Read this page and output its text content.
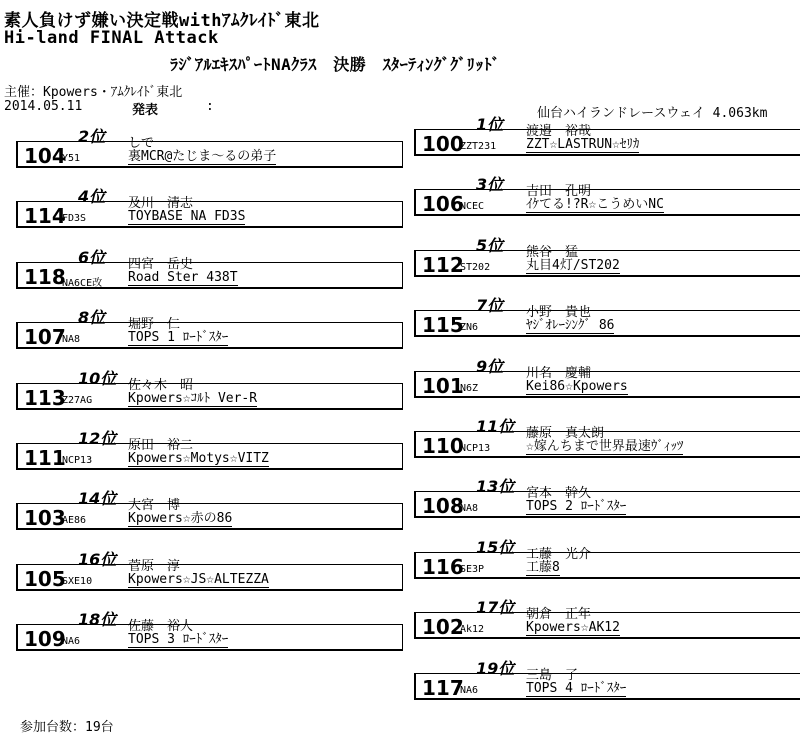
素人負けず嫌い決定戦withｱﾑｸﾚｲﾄﾞ東北
Hi-land FINAL Attack
ﾗｼﾞｱﾙｴｷｽﾊﾟｰﾄNAｸﾗｽ　決勝　ｽﾀｰﾃｨﾝｸﾞｸﾞﾘｯﾄﾞ
主催：Kpowers・ｱﾑｸﾚｲﾄﾞ東北
2014.05.11	発表	:	仙台ハイランドレースウェイ 4.063km
2位
104
Y51
しで
裏MCR@たじま～るの弟子
4位
114
FD3S
及川　清志
TOYBASE NA FD3S
6位
118
NA6CE改
四宮　岳史
Road Ster 438T
8位
107
NA8
堀野　仁
TOPS 1 ﾛｰﾄﾞｽﾀｰ
10位
113
Z27AG
佐々木　昭
Kpowers☆ｺﾙﾄ Ver-R
12位
111
NCP13
原田　裕二
Kpowers☆Motys☆VITZ
14位
103
AE86
大宮　博
Kpowers☆赤の86
16位
105
SXE10
菅原　淳
Kpowers☆JS☆ALTEZZA
18位
109
NA6
佐藤　裕人
TOPS 3 ﾛｰﾄﾞｽﾀｰ
1位
100
ZZT231
渡邉　裕哉
ZZT☆LASTRUN☆ｾﾘｶ
3位
106
NCEC
吉田　孔明
ｲｹてる!?R☆こうめいNC
5位
112
ST202
熊谷　猛
丸目4灯/ST202
7位
115
ZN6
小野　貴也
ﾔｼﾞｵﾚｰｼﾝｸﾞ 86
9位
101
N6Z
川名　慶輔
Kei86☆Kpowers
11位
110
NCP13
藤原　真太朗
☆嫁んちまで世界最速ｳﾞｨｯﾂ
13位
108
NA8
宮本　幹久
TOPS 2 ﾛｰﾄﾞｽﾀｰ
15位
116
SE3P
工藤　光介
工藤8
17位
102
Ak12
朝倉　正年
Kpowers☆AK12
19位
117
NA6
三島　了
TOPS 4 ﾛｰﾄﾞｽﾀｰ
参加台数：19台
